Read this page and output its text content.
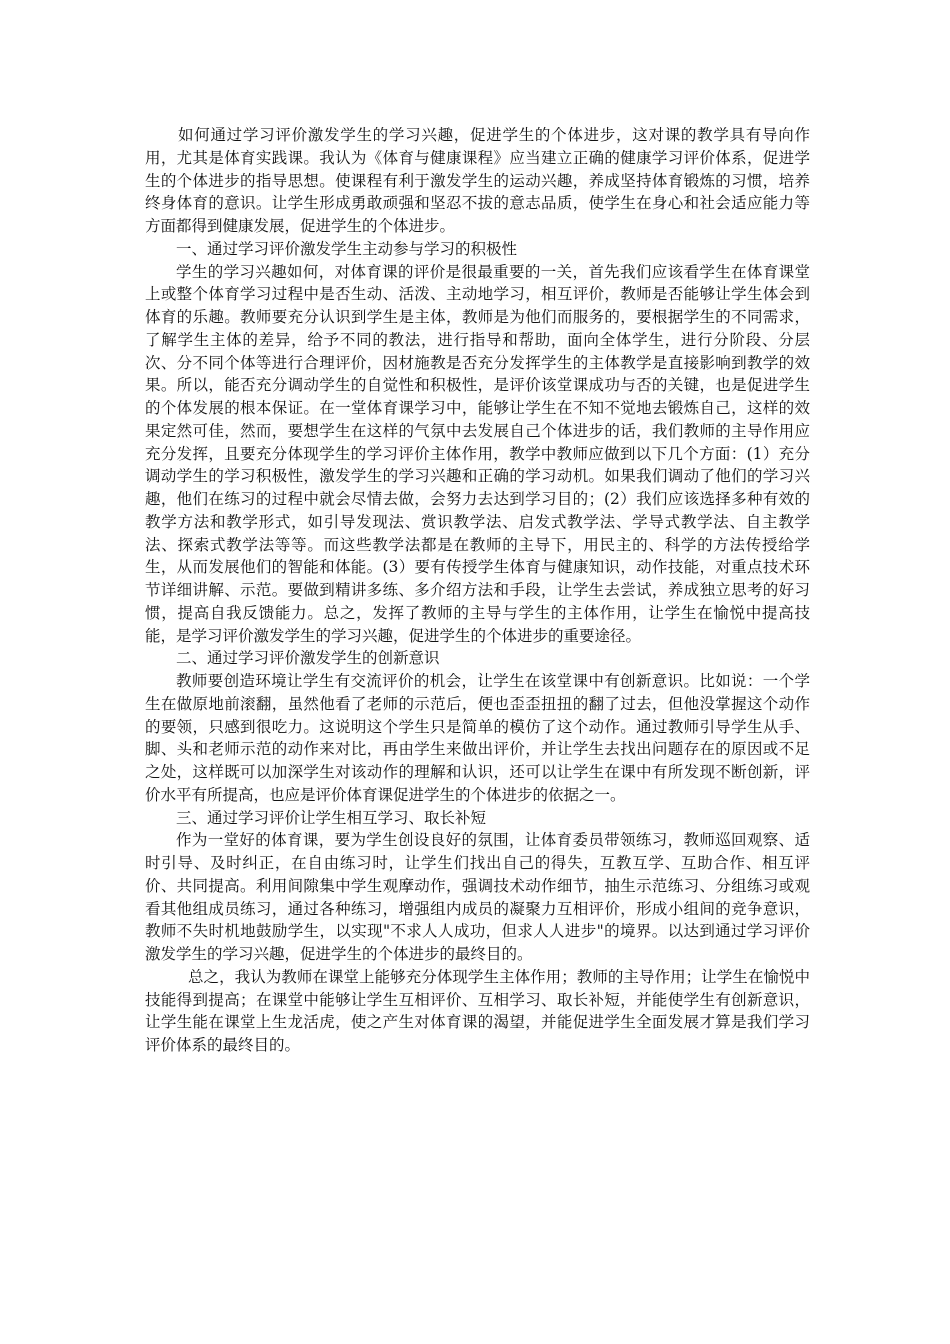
如何通过学习评价激发学生的学习兴趣，促进学生的个体进步，这对课的教学具有导向作用，尤其是体育实践课。我认为《体育与健康课程》应当建立正确的健康学习评价体系，促进学生的个体进步的指导思想。使课程有利于激发学生的运动兴趣，养成坚持体育锻炼的习惯，培养终身体育的意识。让学生形成勇敢顽强和坚忍不拔的意志品质，使学生在身心和社会适应能力等方面都得到健康发展，促进学生的个体进步。

一、通过学习评价激发学生主动参与学习的积极性

学生的学习兴趣如何，对体育课的评价是很最重要的一关，首先我们应该看学生在体育课堂上或整个体育学习过程中是否生动、活泼、主动地学习，相互评价，教师是否能够让学生体会到体育的乐趣。教师要充分认识到学生是主体，教师是为他们而服务的，要根据学生的不同需求，了解学生主体的差异，给予不同的教法，进行指导和帮助，面向全体学生，进行分阶段、分层次、分不同个体等进行合理评价，因材施教是否充分发挥学生的主体教学是直接影响到教学的效果。所以，能否充分调动学生的自觉性和积极性，是评价该堂课成功与否的关键，也是促进学生的个体发展的根本保证。在一堂体育课学习中，能够让学生在不知不觉地去锻炼自己，这样的效果定然可佳，然而，要想学生在这样的气氛中去发展自己个体进步的话，我们教师的主导作用应充分发挥，且要充分体现学生的学习评价主体作用，教学中教师应做到以下几个方面：(1）充分调动学生的学习积极性，激发学生的学习兴趣和正确的学习动机。如果我们调动了他们的学习兴趣，他们在练习的过程中就会尽情去做，会努力去达到学习目的；(2）我们应该选择多种有效的教学方法和教学形式，如引导发现法、赏识教学法、启发式教学法、学导式教学法、自主教学法、探索式教学法等等。而这些教学法都是在教师的主导下，用民主的、科学的方法传授给学生，从而发展他们的智能和体能。(3）要有传授学生体育与健康知识，动作技能，对重点技术环节详细讲解、示范。要做到精讲多练、多介绍方法和手段，让学生去尝试，养成独立思考的好习惯，提高自我反馈能力。总之，发挥了教师的主导与学生的主体作用，让学生在愉悦中提高技能，是学习评价激发学生的学习兴趣，促进学生的个体进步的重要途径。

二、通过学习评价激发学生的创新意识

教师要创造环境让学生有交流评价的机会，让学生在该堂课中有创新意识。比如说：一个学生在做原地前滚翻，虽然他看了老师的示范后，便也歪歪扭扭的翻了过去，但他没掌握这个动作的要领，只感到很吃力。这说明这个学生只是简单的模仿了这个动作。通过教师引导学生从手、脚、头和老师示范的动作来对比，再由学生来做出评价，并让学生去找出问题存在的原因或不足之处，这样既可以加深学生对该动作的理解和认识，还可以让学生在课中有所发现不断创新，评价水平有所提高，也应是评价体育课促进学生的个体进步的依据之一。

三、通过学习评价让学生相互学习、取长补短

作为一堂好的体育课，要为学生创设良好的氛围，让体育委员带领练习，教师巡回观察、适时引导、及时纠正，在自由练习时，让学生们找出自己的得失，互教互学、互助合作、相互评价、共同提高。利用间隙集中学生观摩动作，强调技术动作细节，抽生示范练习、分组练习或观看其他组成员练习，通过各种练习，增强组内成员的凝聚力互相评价，形成小组间的竞争意识，教师不失时机地鼓励学生，以实现"不求人人成功，但求人人进步"的境界。以达到通过学习评价激发学生的学习兴趣，促进学生的个体进步的最终目的。

总之，我认为教师在课堂上能够充分体现学生主体作用；教师的主导作用；让学生在愉悦中技能得到提高；在课堂中能够让学生互相评价、互相学习、取长补短，并能使学生有创新意识，让学生能在课堂上生龙活虎，使之产生对体育课的渴望，并能促进学生全面发展才算是我们学习评价体系的最终目的。
